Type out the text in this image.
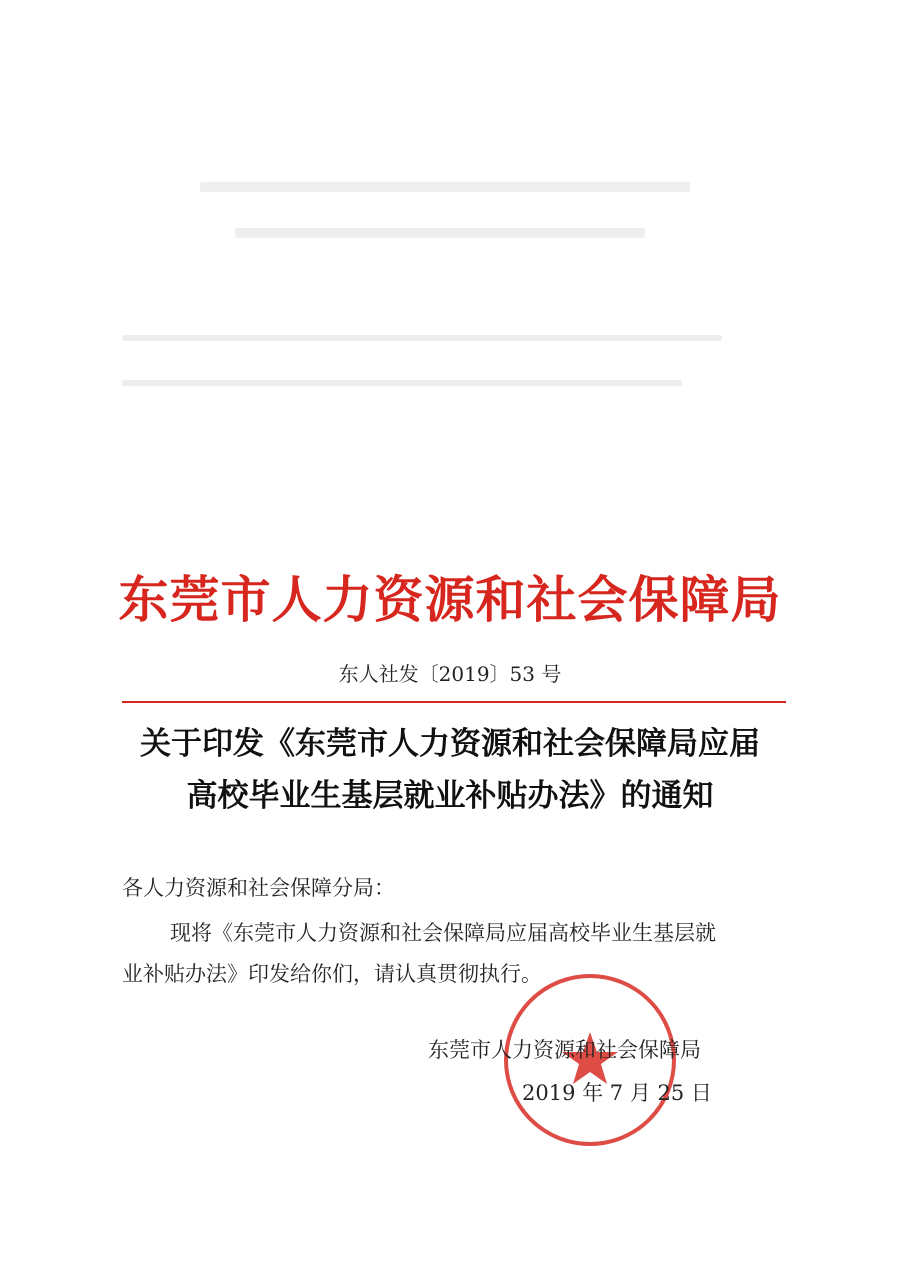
东莞市人力资源和社会保障局
东人社发〔2019〕53 号
关于印发《东莞市人力资源和社会保障局应届
高校毕业生基层就业补贴办法》的通知
各人力资源和社会保障分局：
现将《东莞市人力资源和社会保障局应届高校毕业生基层就
业补贴办法》印发给你们，请认真贯彻执行。
东莞市人力资源和社会保障局
2019 年 7 月 25 日
